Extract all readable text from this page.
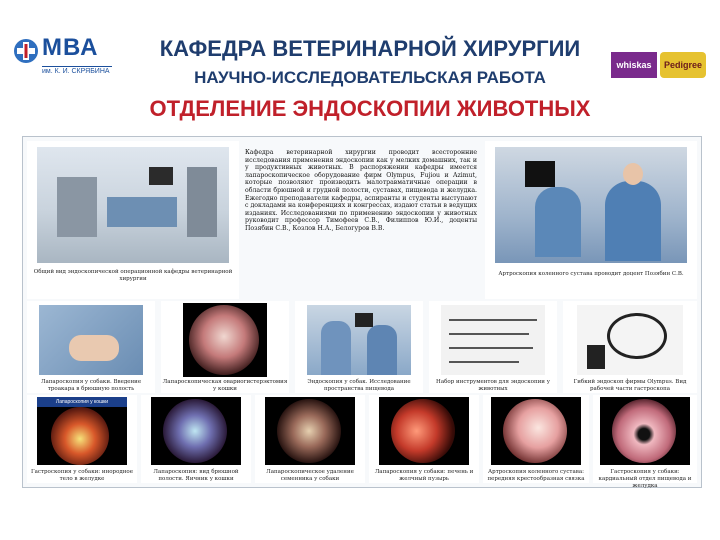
МВА
им. К. И. СКРЯБИНА
КАФЕДРА ВЕТЕРИНАРНОЙ ХИРУРГИИ
НАУЧНО-ИССЛЕДОВАТЕЛЬСКАЯ РАБОТА
ОТДЕЛЕНИЕ ЭНДОСКОПИИ ЖИВОТНЫХ
whiskas	Pedigree
Общий вид эндоскопической операционной кафедры ветеринарной хирургии
Кафедра ветеринарной хирургии проводит всесторонние исследования применения эндоскопии как у мелких домашних, так и у продуктивных животных. В распоряжении кафедры имеется лапароскопическое оборудование фирм Olympus, Fujiou и Azimut, которые позволяют производить малотравматичные операции в области брюшной и грудной полости, суставах, пищевода и желудка. Ежегодно преподаватели кафедры, аспиранты и студенты выступают с докладами на конференциях и конгрессах, издают статьи в ведущих изданиях. Исследованиями по применению эндоскопии у животных руководит профессор Тимофеев С.В., Филиппов Ю.И., доценты Позябин С.В., Козлов Н.А., Белогуров В.В.
Артроскопия коленного сустава проводит доцент Позябин С.В.
Лапароскопия у собаки. Введение троакара в брюшную полость
Лапароскопическая овариогистерэктомия у кошки
Эндоскопия у собак. Исследование пространства пищевода
Набор инструментов для эндоскопии у животных
Гибкий эндоскоп фирмы Olympus. Вид рабочей части гастроскопа
Лапароскопия у кошки
Гастроскопия у собаки: инородное тело в желудке
Лапароскопия: вид брюшной полости. Яичник у кошки
Лапароскопическое удаление семенника у собаки
Лапароскопия у собаки: печень и желчный пузырь
Артроскопия коленного сустава: передняя крестообразная связка
Гастроскопия у собаки: кардиальный отдел пищевода и желудка
